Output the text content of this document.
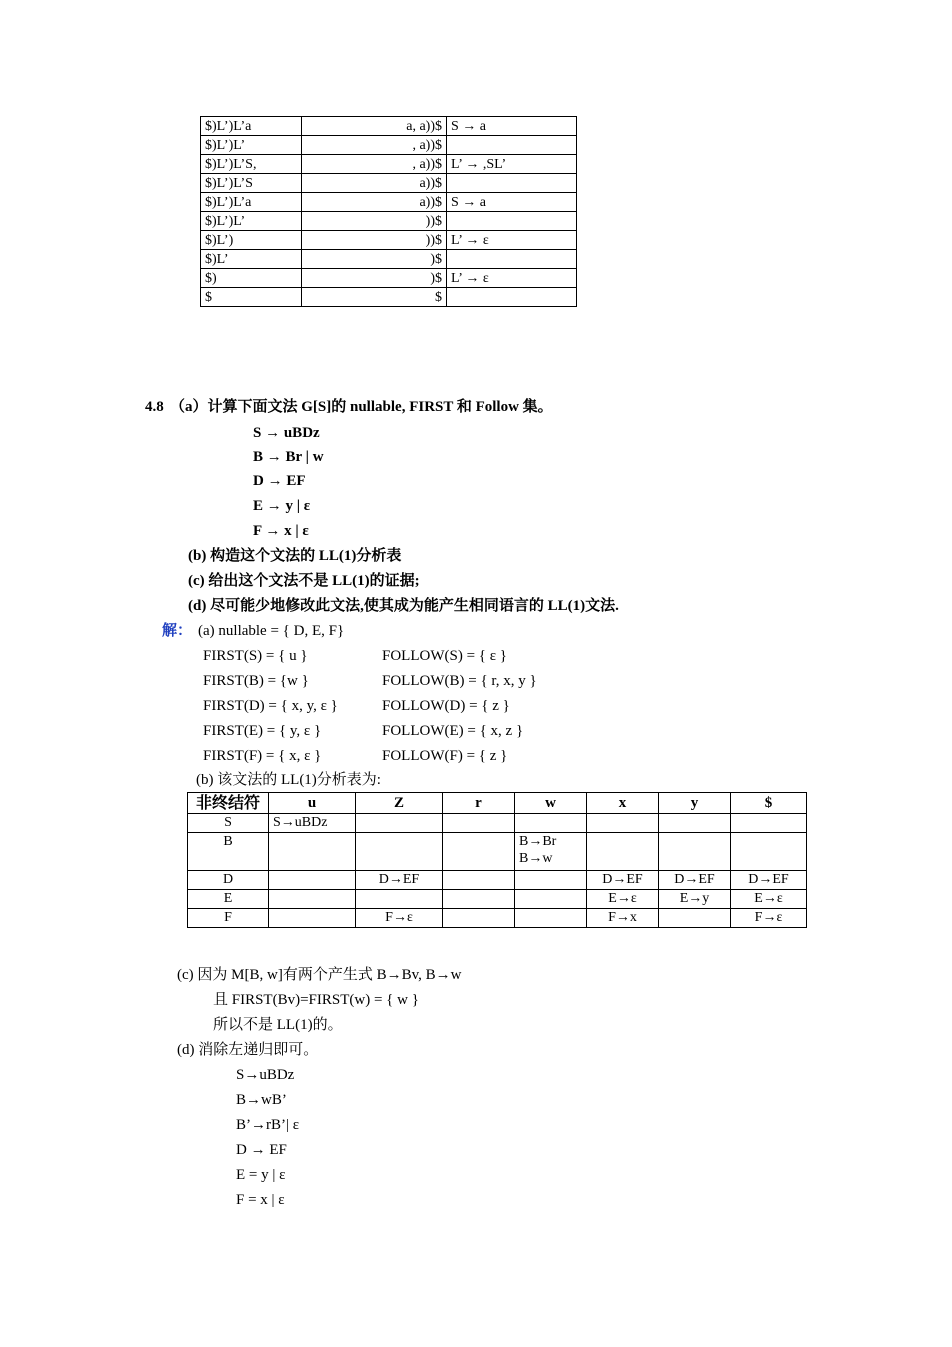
$)L’)L’a	a, a))$	S → a
$)L’)L’	, a))$	
$)L’)L’S,	, a))$	L’ → ,SL’
$)L’)L’S	a))$	
$)L’)L’a	a))$	S → a
$)L’)L’	))$	
$)L’)	))$	L’ → ε
$)L’	)$	
$)	)$	L’ → ε
$	$	
4.8 （a）计算下面文法 G[S]的 nullable, FIRST 和 Follow 集。
S → uBDz
B → Br | w
D → EF
E → y | ε
F → x | ε
(b) 构造这个文法的 LL(1)分析表
(c) 给出这个文法不是 LL(1)的证据;
(d) 尽可能少地修改此文法,使其成为能产生相同语言的 LL(1)文法.
解： (a) nullable = { D, E, F}
FIRST(S) = { u }
FIRST(B) = {w }
FIRST(D) = { x, y, ε }
FIRST(E) = { y, ε }
FIRST(F) = { x, ε }
FOLLOW(S) = { ε }
FOLLOW(B) = { r, x, y }
FOLLOW(D) = { z }
FOLLOW(E) = { x, z }
FOLLOW(F) = { z }
(b) 该文法的 LL(1)分析表为:
非终结符	u	Z	r	w	x	y	$
S	S→uBDz						
B				B→Br
B→w			

D		D→EF			D→EF	D→EF	D→EF
E					E→ε	E→y	E→ε
F		F→ε			F→x		F→ε
(c) 因为 M[B, w]有两个产生式 B→Bv, B→w
且 FIRST(Bv)=FIRST(w) = { w }
所以不是 LL(1)的。
(d) 消除左递归即可。
S→uBDz
B→wB’
B’→rB’| ε
D → EF
E = y | ε
F = x | ε
